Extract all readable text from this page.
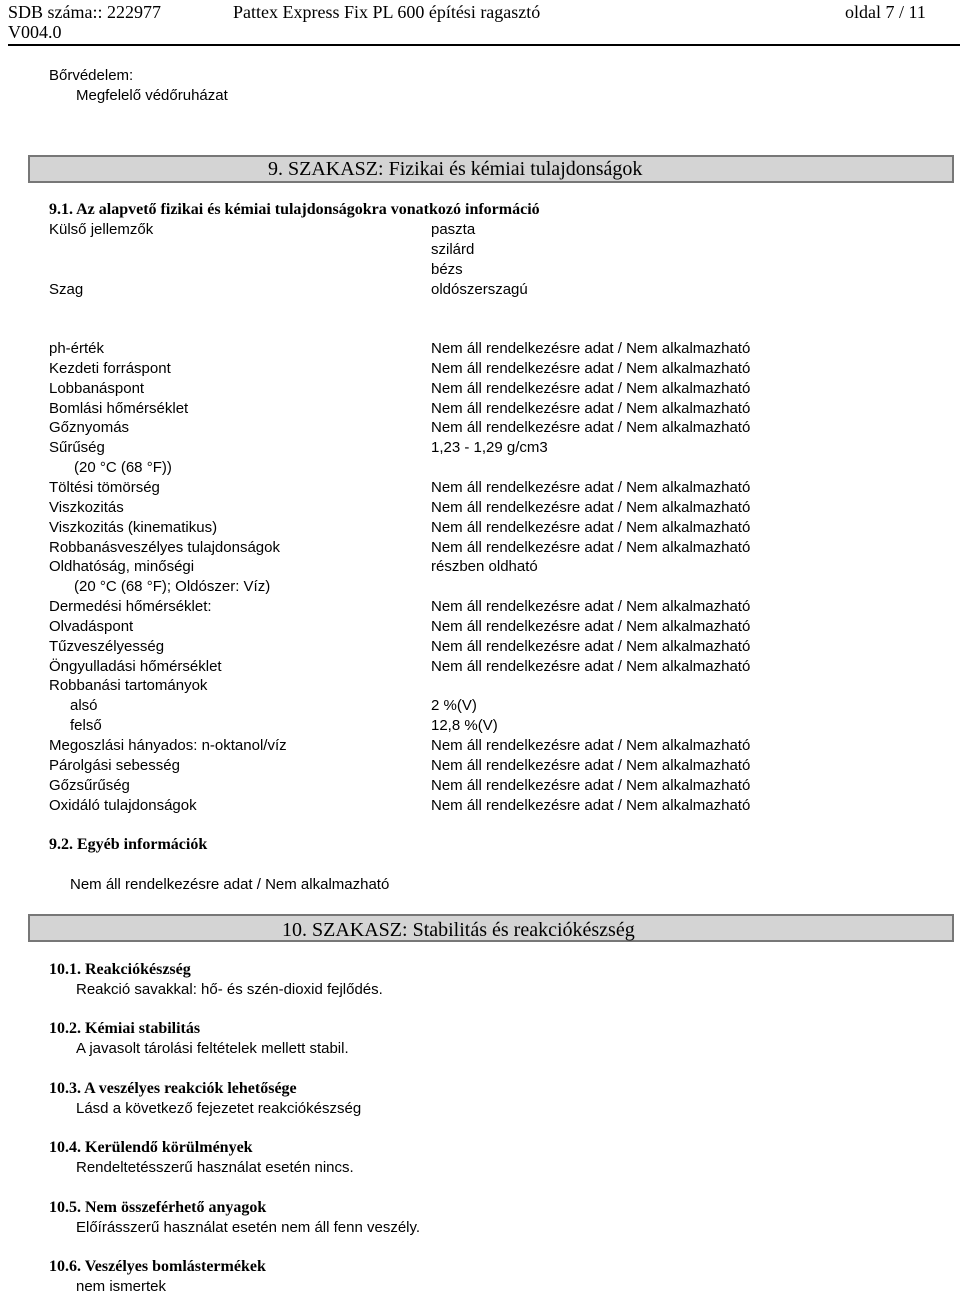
SDB száma:: 222977
V004.0
Pattex Express Fix PL 600 építési ragasztó	oldal 7 / 11
Bőrvédelem:
Megfelelő védőruházat
9. SZAKASZ: Fizikai és kémiai tulajdonságok
9.1. Az alapvető fizikai és kémiai tulajdonságokra vonatkozó információ
Külső jellemzők	paszta
szilárd
bézs
Szag	oldószerszagú
ph-érték	Nem áll rendelkezésre adat / Nem alkalmazható
Kezdeti forráspont	Nem áll rendelkezésre adat / Nem alkalmazható
Lobbanáspont	Nem áll rendelkezésre adat / Nem alkalmazható
Bomlási hőmérséklet	Nem áll rendelkezésre adat / Nem alkalmazható
Gőznyomás	Nem áll rendelkezésre adat / Nem alkalmazható
Sűrűség	1,23 - 1,29 g/cm3
(20 °C (68 °F))
Töltési tömörség	Nem áll rendelkezésre adat / Nem alkalmazható
Viszkozitás	Nem áll rendelkezésre adat / Nem alkalmazható
Viszkozitás (kinematikus)	Nem áll rendelkezésre adat / Nem alkalmazható
Robbanásveszélyes tulajdonságok	Nem áll rendelkezésre adat / Nem alkalmazható
Oldhatóság, minőségi	részben oldható
(20 °C (68 °F); Oldószer: Víz)
Dermedési hőmérséklet:	Nem áll rendelkezésre adat / Nem alkalmazható
Olvadáspont	Nem áll rendelkezésre adat / Nem alkalmazható
Tűzveszélyesség	Nem áll rendelkezésre adat / Nem alkalmazható
Öngyulladási hőmérséklet	Nem áll rendelkezésre adat / Nem alkalmazható
Robbanási tartományok
alsó	2 %(V)
felső	12,8 %(V)
Megoszlási hányados: n-oktanol/víz	Nem áll rendelkezésre adat / Nem alkalmazható
Párolgási sebesség	Nem áll rendelkezésre adat / Nem alkalmazható
Gőzsűrűség	Nem áll rendelkezésre adat / Nem alkalmazható
Oxidáló tulajdonságok	Nem áll rendelkezésre adat / Nem alkalmazható
9.2. Egyéb információk
Nem áll rendelkezésre adat / Nem alkalmazható
10. SZAKASZ: Stabilitás és reakciókészség
10.1. Reakciókészség
Reakció savakkal: hő- és szén-dioxid fejlődés.
10.2. Kémiai stabilitás
A javasolt tárolási feltételek mellett stabil.
10.3. A veszélyes reakciók lehetősége
Lásd a következő fejezetet reakciókészség
10.4. Kerülendő körülmények
Rendeltetésszerű használat esetén nincs.
10.5. Nem összeférhető anyagok
Előírásszerű használat esetén nem áll fenn veszély.
10.6. Veszélyes bomlástermékek
nem ismertek
